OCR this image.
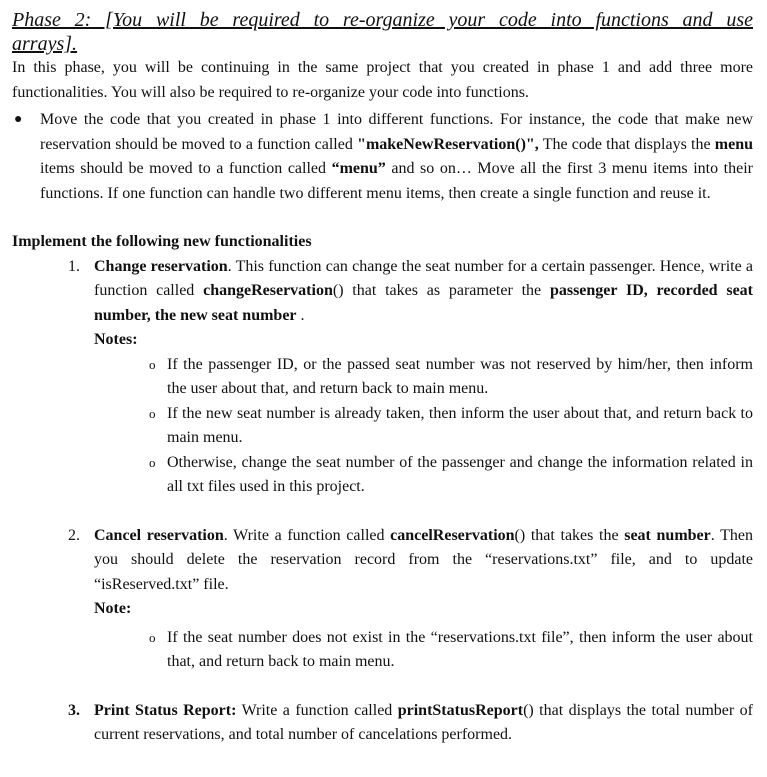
Phase 2: [You will be required to re-organize your code into functions and use

arrays].

In this phase, you will be continuing in the same project that you created in phase 1 and add three more functionalities. You will also be required to re-organize your code into functions.

● Move the code that you created in phase 1 into different functions. For instance, the code that make new reservation should be moved to a function called "makeNewReservation()", The code that displays the menu items should be moved to a function called “menu” and so on… Move all the first 3 menu items into their functions. If one function can handle two different menu items, then create a single function and reuse it.

Implement the following new functionalities

1. Change reservation. This function can change the seat number for a certain passenger. Hence, write a function called changeReservation() that takes as parameter the passenger ID, recorded seat number, the new seat number .
Notes:
o If the passenger ID, or the passed seat number was not reserved by him/her, then inform the user about that, and return back to main menu.
o If the new seat number is already taken, then inform the user about that, and return back to main menu.
o Otherwise, change the seat number of the passenger and change the information related in all txt files used in this project.
2. Cancel reservation. Write a function called cancelReservation() that takes the seat number. Then you should delete the reservation record from the “reservations.txt” file, and to update “isReserved.txt” file.
Note:
o If the seat number does not exist in the “reservations.txt file”, then inform the user about that, and return back to main menu.
3. Print Status Report: Write a function called printStatusReport() that displays the total number of current reservations, and total number of cancelations performed.
